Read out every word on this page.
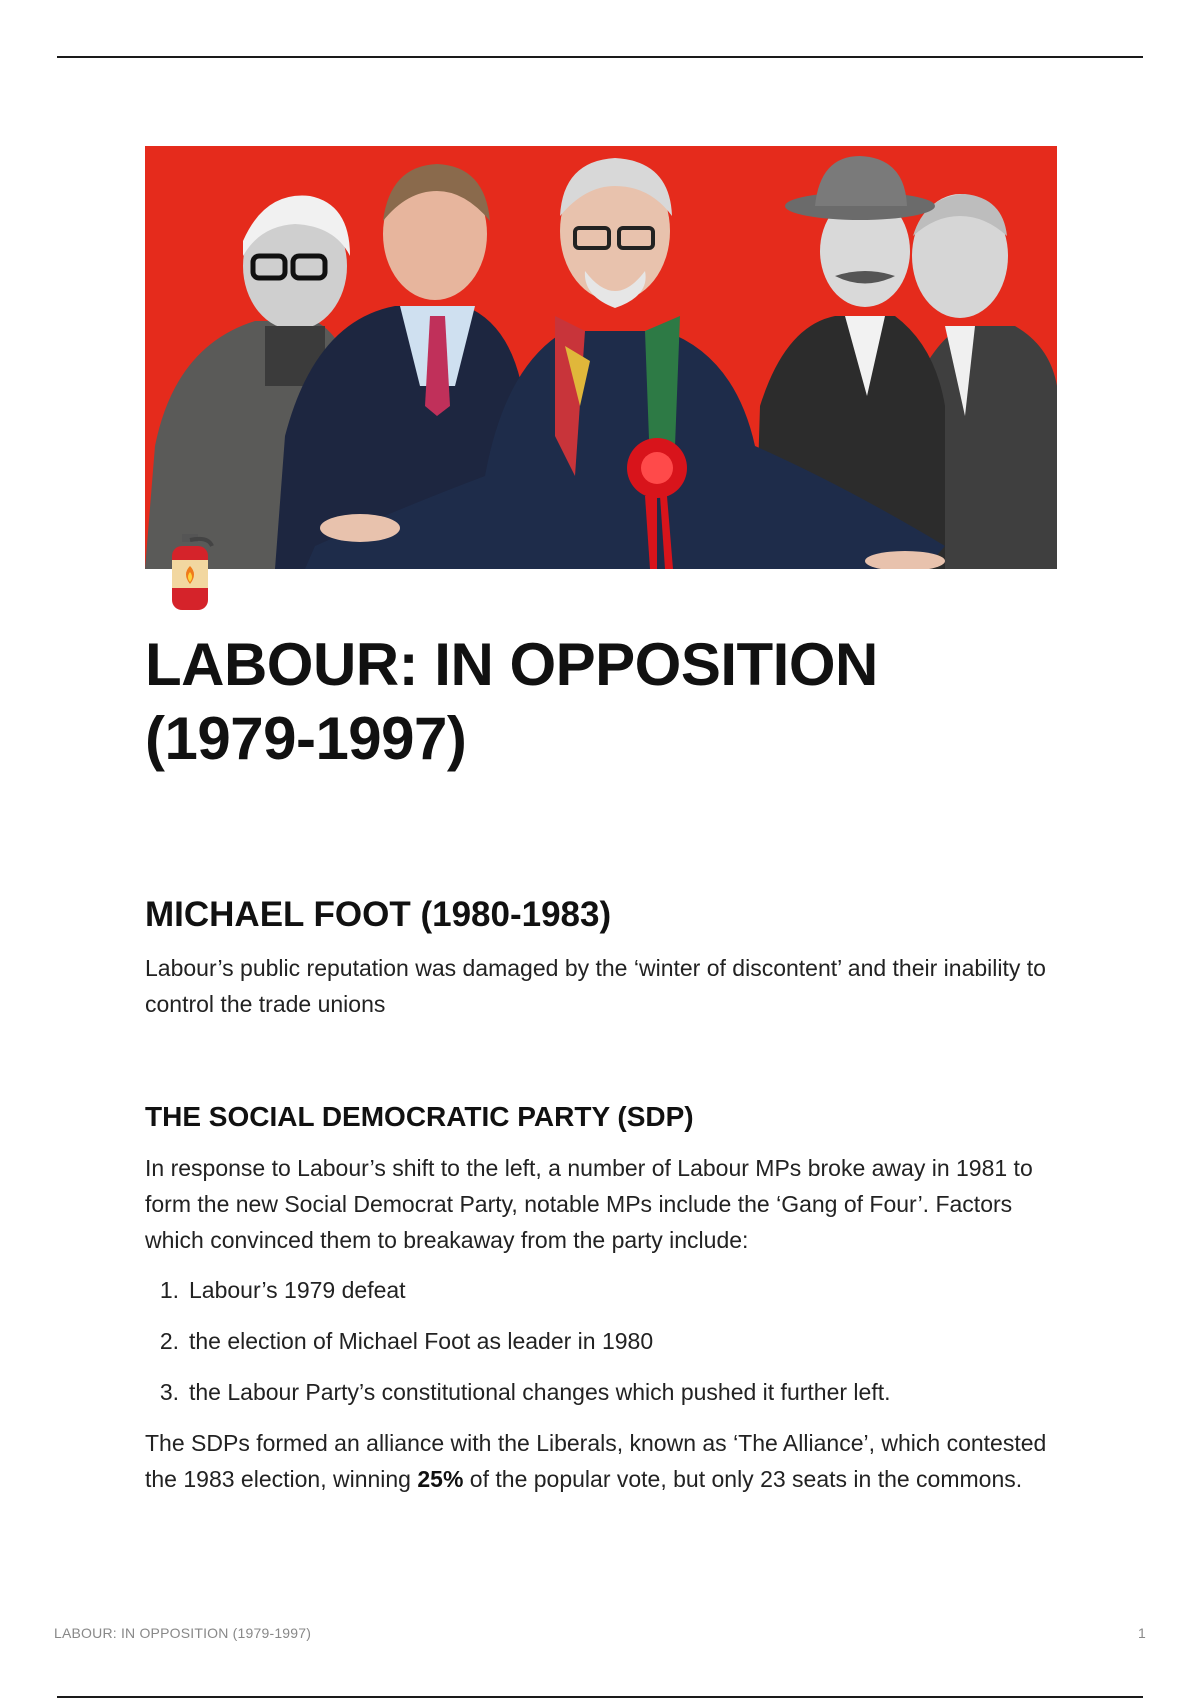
LABOUR: IN OPPOSITION (1979-1997)
MICHAEL FOOT (1980-1983)

Labour’s public reputation was damaged by the ‘winter of discontent’ and their inability to control the trade unions

THE SOCIAL DEMOCRATIC PARTY (SDP)

In response to Labour’s shift to the left, a number of Labour MPs broke away in 1981 to form the new Social Democrat Party, notable MPs include the ‘Gang of Four’. Factors which convinced them to breakaway from the party include:

1. Labour’s 1979 defeat
2. the election of Michael Foot as leader in 1980
3. the Labour Party’s constitutional changes which pushed it further left.

The SDPs formed an alliance with the Liberals, known as ‘The Alliance’, which contested the 1983 election, winning 25% of the popular vote, but only 23 seats in the commons.

LABOUR: IN OPPOSITION (1979-1997)	1
